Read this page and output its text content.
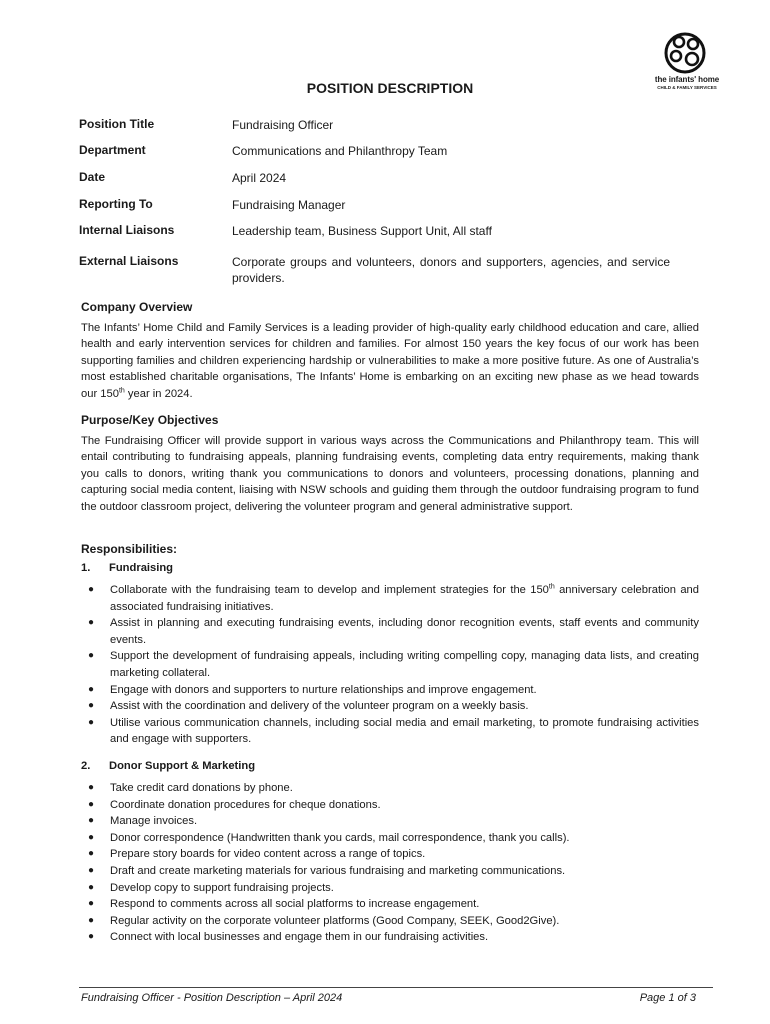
the infants' home
CHILD & FAMILY SERVICES
POSITION DESCRIPTION
Position Title	Fundraising Officer
Department	Communications and Philanthropy Team
Date	April 2024
Reporting To	Fundraising Manager
Internal Liaisons	Leadership team, Business Support Unit, All staff
External Liaisons	Corporate groups and volunteers, donors and supporters, agencies, and service providers.
Company Overview

The Infants’ Home Child and Family Services is a leading provider of high-quality early childhood education and care, allied health and early intervention services for children and families. For almost 150 years the key focus of our work has been supporting families and children experiencing hardship or vulnerabilities to make a more positive future. As one of Australia’s most established charitable organisations, The Infants’ Home is embarking on an exciting new phase as we head towards our 150th year in 2024.

Purpose/Key Objectives

The Fundraising Officer will provide support in various ways across the Communications and Philanthropy team. This will entail contributing to fundraising appeals, planning fundraising events, completing data entry requirements, making thank you calls to donors, writing thank you communications to donors and volunteers, processing donations, planning and capturing social media content, liaising with NSW schools and guiding them through the outdoor fundraising program to fund the outdoor classroom project, delivering the volunteer program and general administrative support.

Responsibilities:
1. Fundraising
● Collaborate with the fundraising team to develop and implement strategies for the 150th anniversary celebration and associated fundraising initiatives.
● Assist in planning and executing fundraising events, including donor recognition events, staff events and community events.
● Support the development of fundraising appeals, including writing compelling copy, managing data lists, and creating marketing collateral.
● Engage with donors and supporters to nurture relationships and improve engagement.
● Assist with the coordination and delivery of the volunteer program on a weekly basis.
● Utilise various communication channels, including social media and email marketing, to promote fundraising activities and engage with supporters.
2. Donor Support & Marketing
● Take credit card donations by phone.
● Coordinate donation procedures for cheque donations.
● Manage invoices.
● Donor correspondence (Handwritten thank you cards, mail correspondence, thank you calls).
● Prepare story boards for video content across a range of topics.
● Draft and create marketing materials for various fundraising and marketing communications.
● Develop copy to support fundraising projects.
● Respond to comments across all social platforms to increase engagement.
● Regular activity on the corporate volunteer platforms (Good Company, SEEK, Good2Give).
● Connect with local businesses and engage them in our fundraising activities.
Fundraising Officer - Position Description – April 2024	Page 1 of 3
